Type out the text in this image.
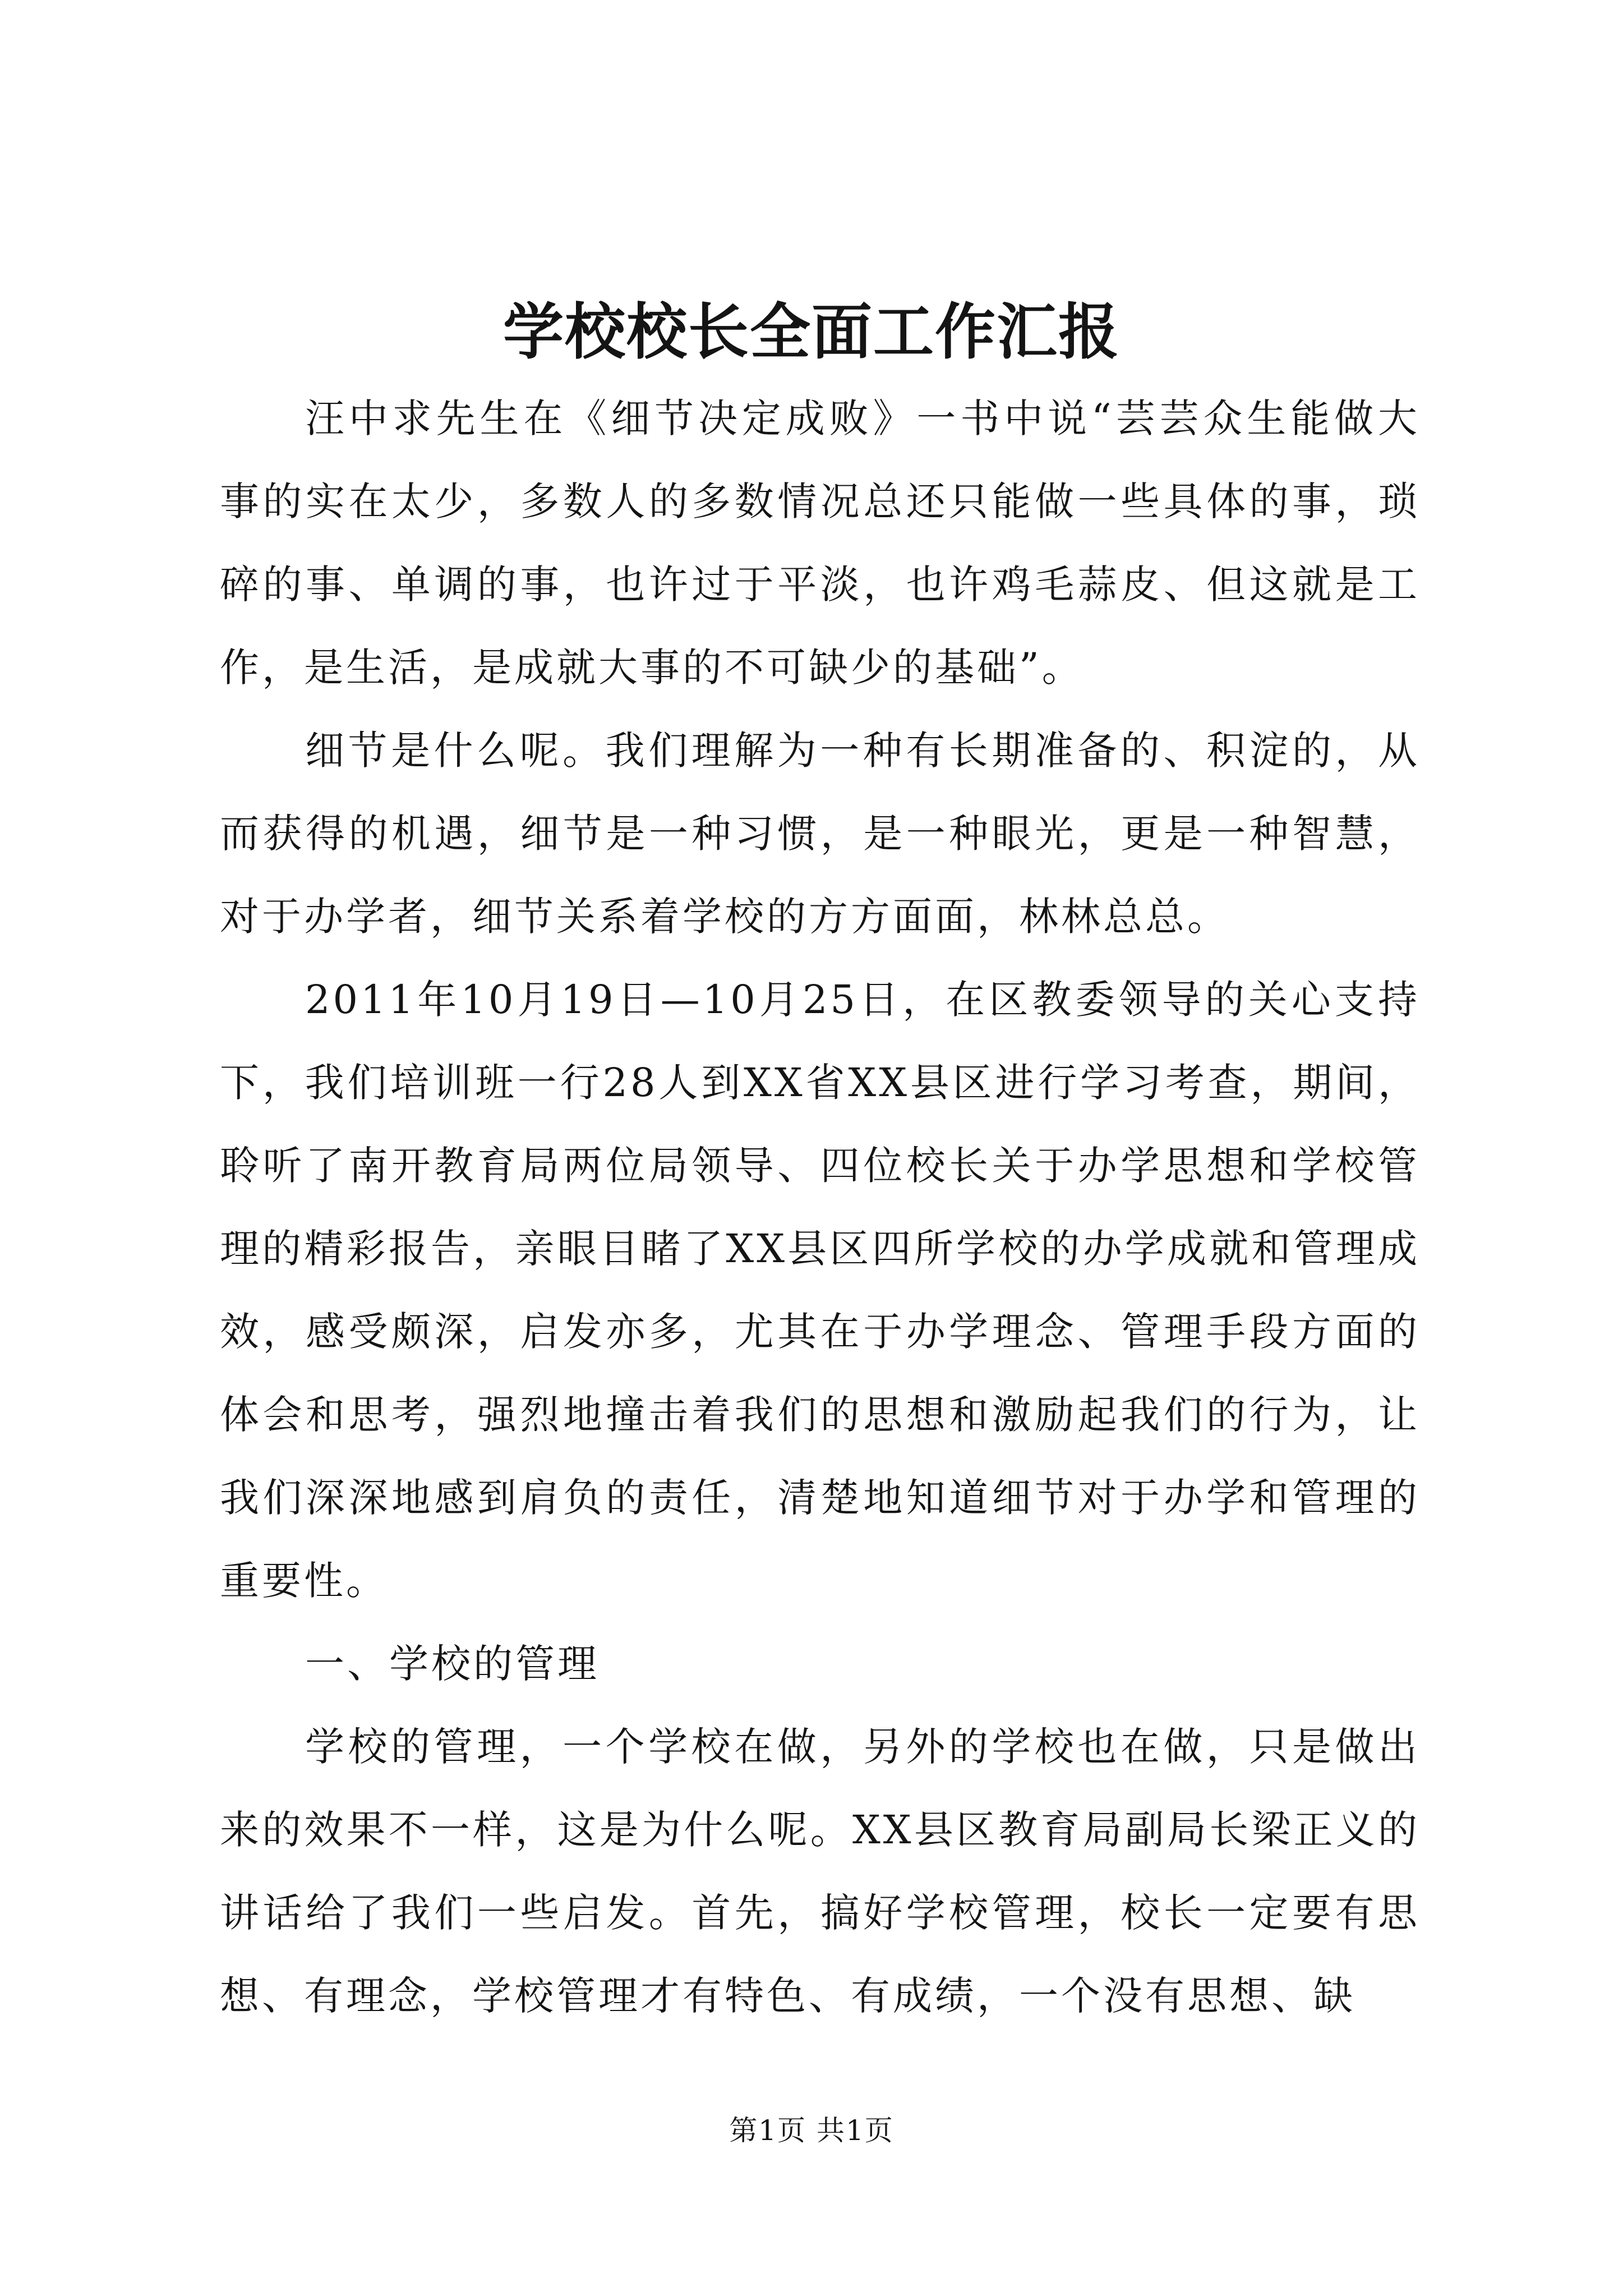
学校校长全面工作汇报

汪中求先生在《细节决定成败》一书中说“芸芸众生能做大事的实在太少，多数人的多数情况总还只能做一些具体的事，琐碎的事、单调的事，也许过于平淡，也许鸡毛蒜皮、但这就是工作，是生活，是成就大事的不可缺少的基础”。

细节是什么呢。我们理解为一种有长期准备的、积淀的，从而获得的机遇，细节是一种习惯，是一种眼光，更是一种智慧，对于办学者，细节关系着学校的方方面面，林林总总。

2011年10月19日—10月25日，在区教委领导的关心支持下，我们培训班一行28人到XX省XX县区进行学习考查，期间，聆听了南开教育局两位局领导、四位校长关于办学思想和学校管理的精彩报告，亲眼目睹了XX县区四所学校的办学成就和管理成效，感受颇深，启发亦多，尤其在于办学理念、管理手段方面的体会和思考，强烈地撞击着我们的思想和激励起我们的行为，让我们深深地感到肩负的责任，清楚地知道细节对于办学和管理的重要性。

一、学校的管理

学校的管理，一个学校在做，另外的学校也在做，只是做出来的效果不一样，这是为什么呢。XX县区教育局副局长梁正义的讲话给了我们一些启发。首先，搞好学校管理，校长一定要有思想、有理念，学校管理才有特色、有成绩，一个没有思想、缺

第1页 共1页
